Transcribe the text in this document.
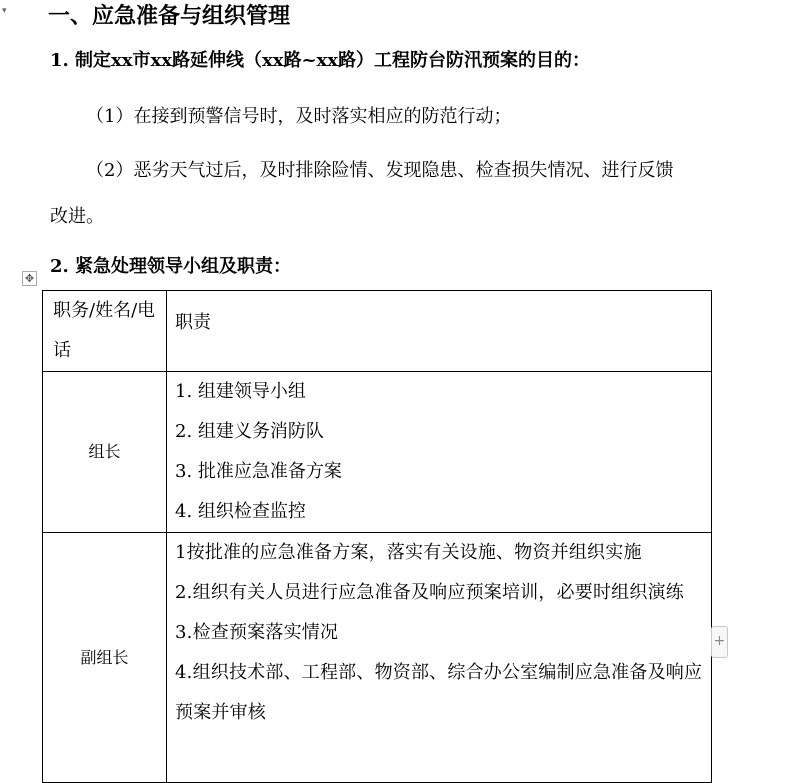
▾ 一、应急准备与组织管理
1. 制定xx市xx路延伸线（xx路~xx路）工程防台防汛预案的目的：
（1）在接到预警信号时，及时落实相应的防范行动；
（2）恶劣天气过后，及时排除险情、发现隐患、检查损失情况、进行反馈改进。
2. 紧急处理领导小组及职责：
✥
职务/姓名/电话	职责
组长	1. 组建领导小组
2. 组建义务消防队
3. 批准应急准备方案
4. 组织检查监控

副组长	1按批准的应急准备方案，落实有关设施、物资并组织实施
2.组织有关人员进行应急准备及响应预案培训，必要时组织演练
3.检查预案落实情况
4.组织技术部、工程部、物资部、综合办公室编制应急准备及响应预案并审核
+
